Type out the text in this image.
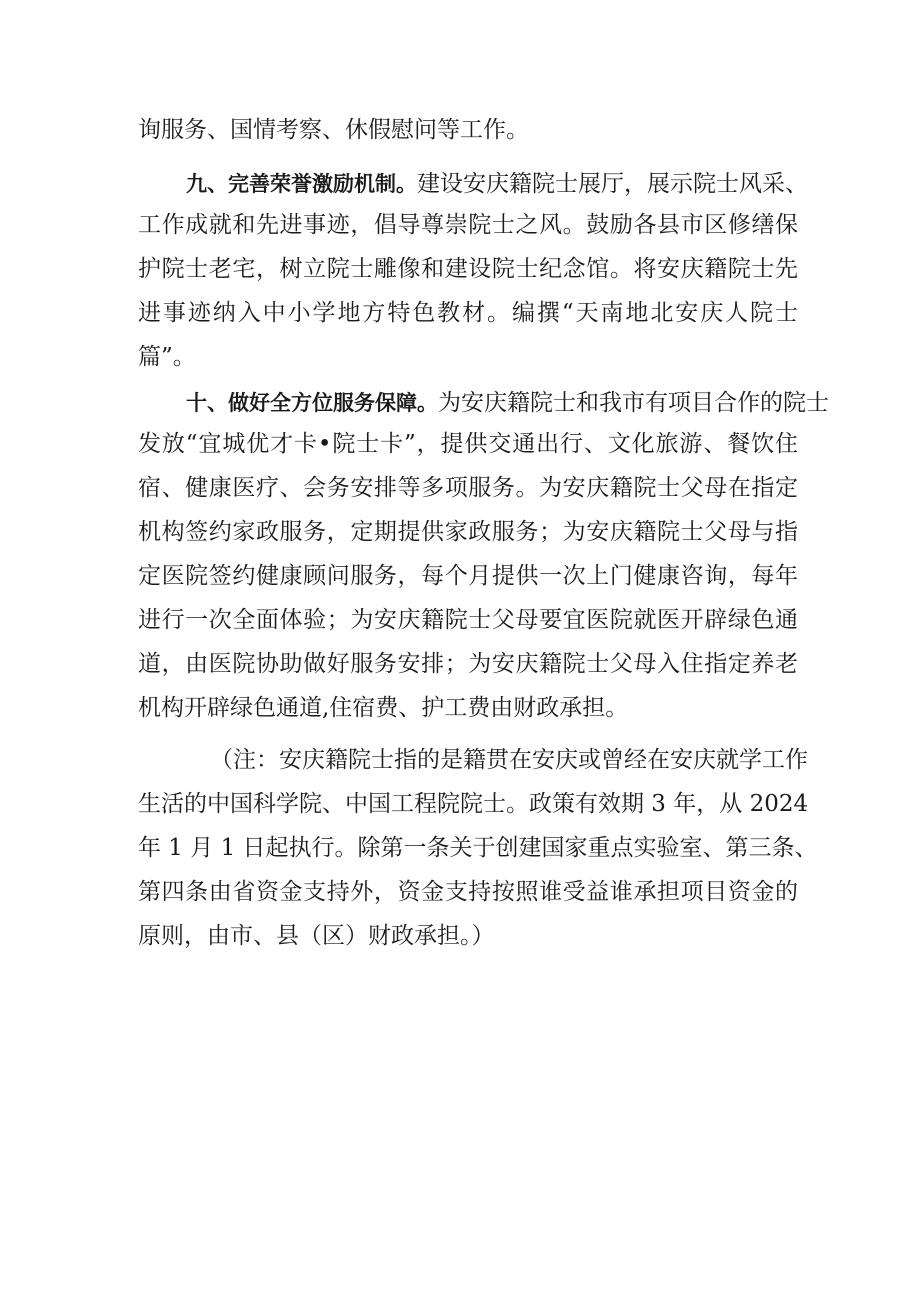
询服务、国情考察、休假慰问等工作。
九、完善荣誉激励机制。建设安庆籍院士展厅，展示院士风采、
工作成就和先进事迹，倡导尊崇院士之风。鼓励各县市区修缮保
护院士老宅，树立院士雕像和建设院士纪念馆。将安庆籍院士先
进事迹纳入中小学地方特色教材。编撰“天南地北安庆人院士
篇”。
十、做好全方位服务保障。为安庆籍院士和我市有项目合作的院士
发放“宜城优才卡•院士卡”，提供交通出行、文化旅游、餐饮住
宿、健康医疗、会务安排等多项服务。为安庆籍院士父母在指定
机构签约家政服务，定期提供家政服务；为安庆籍院士父母与指
定医院签约健康顾问服务，每个月提供一次上门健康咨询，每年
进行一次全面体验；为安庆籍院士父母要宜医院就医开辟绿色通
道，由医院协助做好服务安排；为安庆籍院士父母入住指定养老
机构开辟绿色通道,住宿费、护工费由财政承担。
（注：安庆籍院士指的是籍贯在安庆或曾经在安庆就学工作
生活的中国科学院、中国工程院院士。政策有效期 3 年，从 2024
年 1 月 1 日起执行。除第一条关于创建国家重点实验室、第三条、
第四条由省资金支持外，资金支持按照谁受益谁承担项目资金的
原则，由市、县（区）财政承担。）
